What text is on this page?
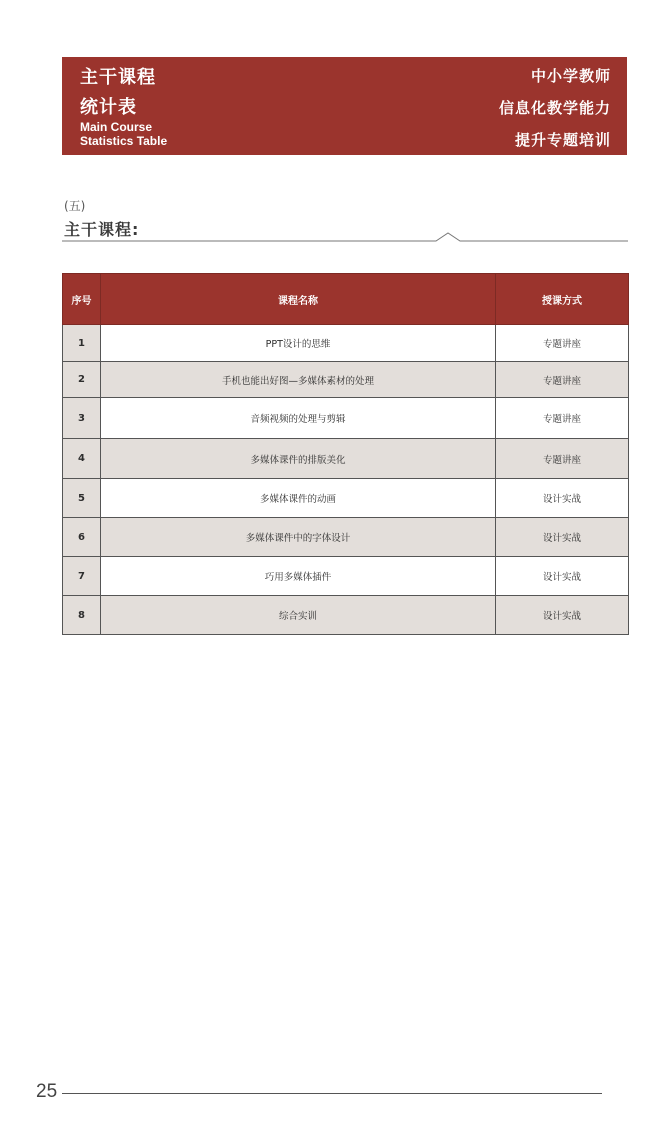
主干课程
统计表
Main Course
Statistics Table
中小学教师
信息化教学能力
提升专题培训
(五)
主干课程:
序号	课程名称	授课方式
1	PPT设计的思维	专题讲座
2	手机也能出好图—多媒体素材的处理	专题讲座
3	音频视频的处理与剪辑	专题讲座
4	多媒体课件的排版美化	专题讲座
5	多媒体课件的动画	设计实战
6	多媒体课件中的字体设计	设计实战
7	巧用多媒体插件	设计实战
8	综合实训	设计实战
25
